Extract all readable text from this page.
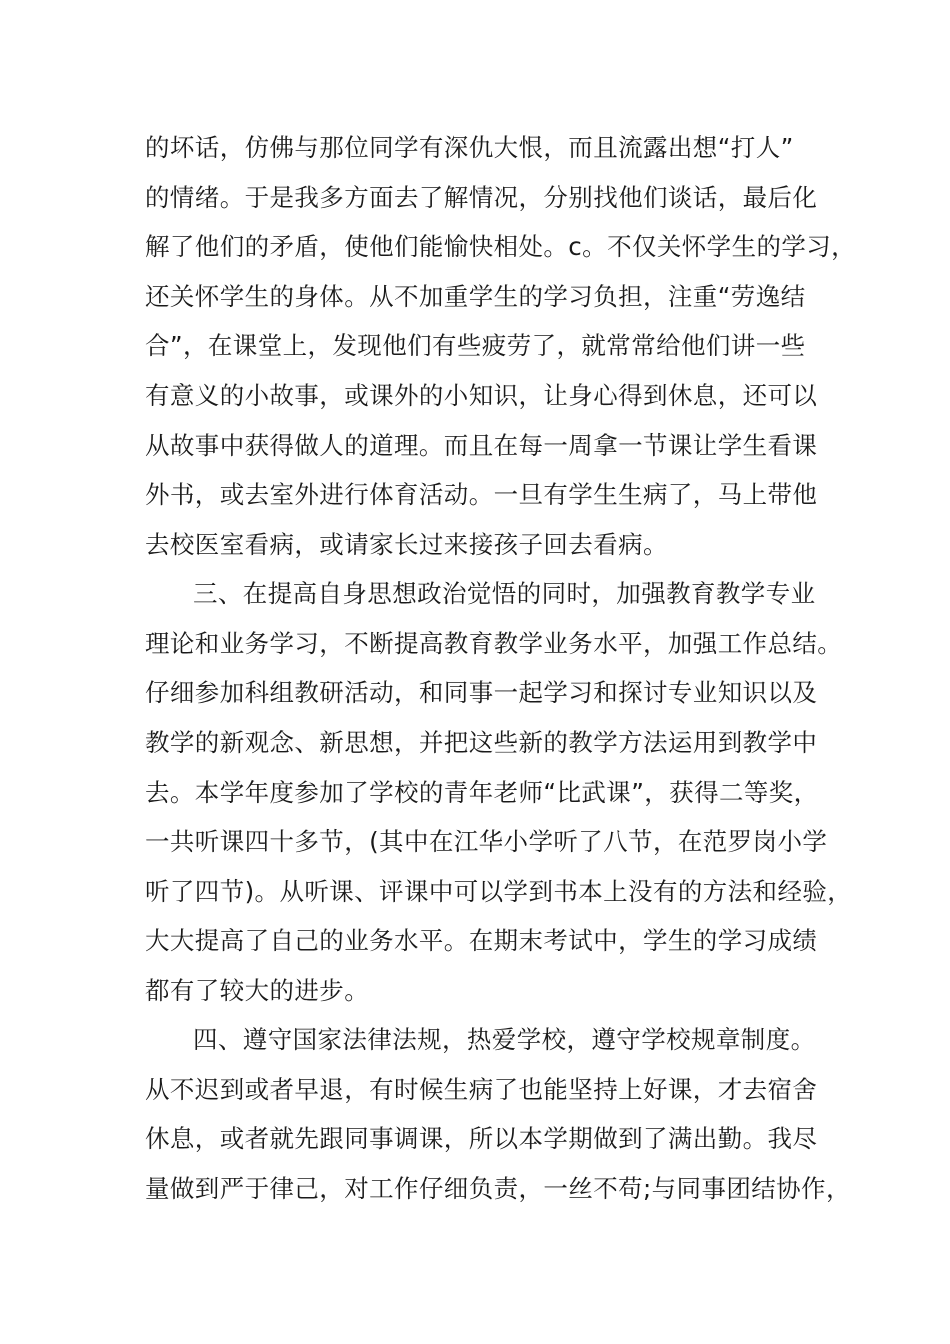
的坏话，仿佛与那位同学有深仇大恨，而且流露出想“打人”
的情绪。于是我多方面去了解情况，分别找他们谈话，最后化
解了他们的矛盾，使他们能愉快相处。c。不仅关怀学生的学习，
还关怀学生的身体。从不加重学生的学习负担，注重“劳逸结
合”，在课堂上，发现他们有些疲劳了，就常常给他们讲一些
有意义的小故事，或课外的小知识，让身心得到休息，还可以
从故事中获得做人的道理。而且在每一周拿一节课让学生看课
外书，或去室外进行体育活动。一旦有学生生病了，马上带他
去校医室看病，或请家长过来接孩子回去看病。
三、在提高自身思想政治觉悟的同时，加强教育教学专业
理论和业务学习，不断提高教育教学业务水平，加强工作总结。
仔细参加科组教研活动，和同事一起学习和探讨专业知识以及
教学的新观念、新思想，并把这些新的教学方法运用到教学中
去。本学年度参加了学校的青年老师“比武课”，获得二等奖，
一共听课四十多节，(其中在江华小学听了八节，在范罗岗小学
听了四节)。从听课、评课中可以学到书本上没有的方法和经验，
大大提高了自己的业务水平。在期末考试中，学生的学习成绩
都有了较大的进步。
四、遵守国家法律法规，热爱学校，遵守学校规章制度。
从不迟到或者早退，有时候生病了也能坚持上好课，才去宿舍
休息，或者就先跟同事调课，所以本学期做到了满出勤。我尽
量做到严于律己，对工作仔细负责，一丝不苟;与同事团结协作，
